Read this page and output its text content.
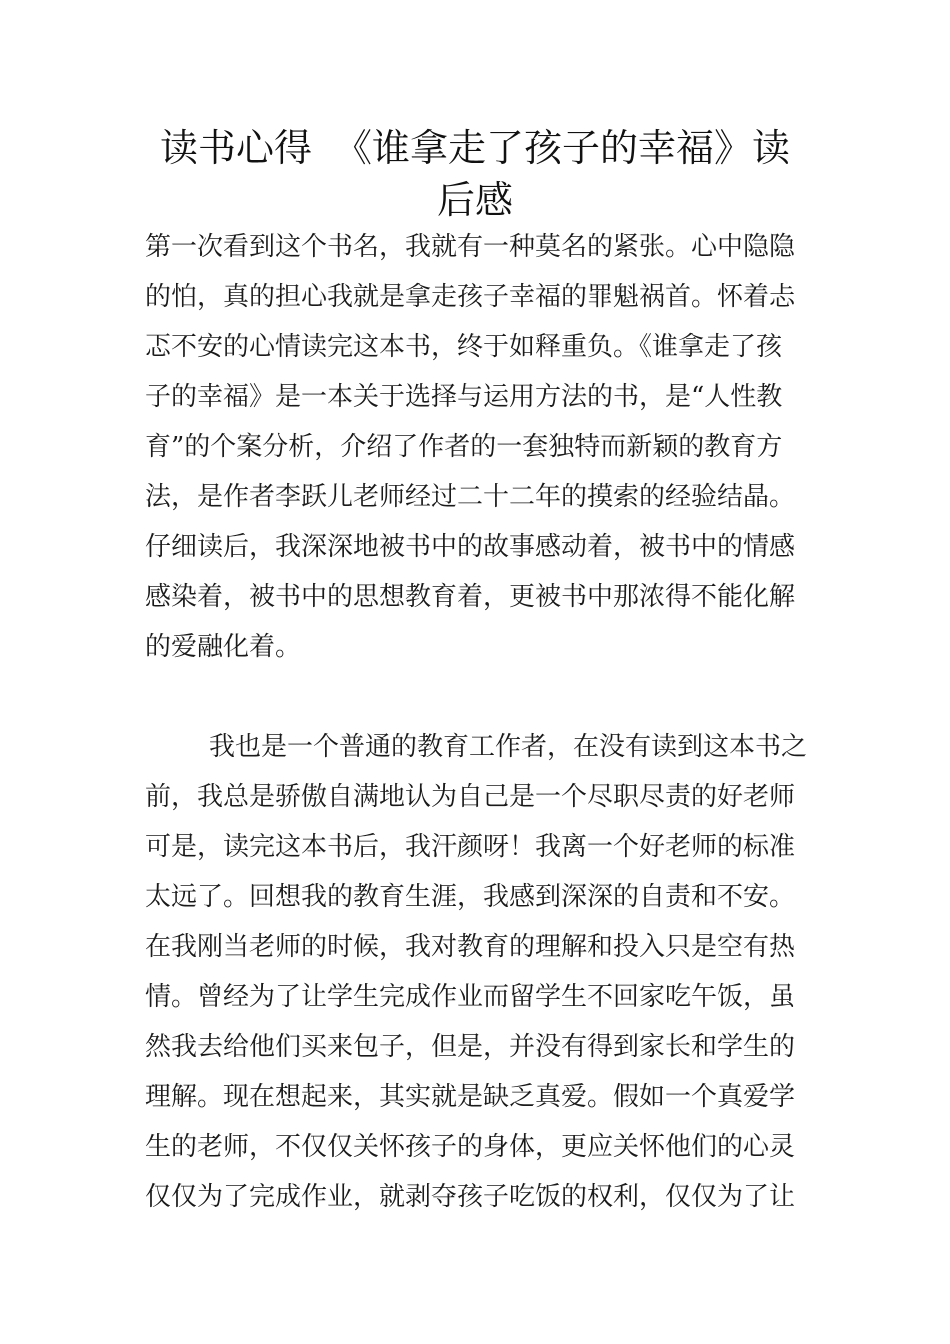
读书心得 《谁拿走了孩子的幸福》读
后感

第一次看到这个书名，我就有一种莫名的紧张。心中隐隐

的怕，真的担心我就是拿走孩子幸福的罪魁祸首。怀着忐

忑不安的心情读完这本书，终于如释重负。《谁拿走了孩

子的幸福》是一本关于选择与运用方法的书，是“人性教

育”的个案分析，介绍了作者的一套独特而新颖的教育方

法，是作者李跃儿老师经过二十二年的摸索的经验结晶。

仔细读后，我深深地被书中的故事感动着，被书中的情感

感染着，被书中的思想教育着，更被书中那浓得不能化解

的爱融化着。

我也是一个普通的教育工作者，在没有读到这本书之

前，我总是骄傲自满地认为自己是一个尽职尽责的好老师

可是，读完这本书后，我汗颜呀！我离一个好老师的标准

太远了。回想我的教育生涯，我感到深深的自责和不安。

在我刚当老师的时候，我对教育的理解和投入只是空有热

情。曾经为了让学生完成作业而留学生不回家吃午饭，虽

然我去给他们买来包子，但是，并没有得到家长和学生的

理解。现在想起来，其实就是缺乏真爱。假如一个真爱学

生的老师，不仅仅关怀孩子的身体，更应关怀他们的心灵

仅仅为了完成作业，就剥夺孩子吃饭的权利，仅仅为了让
